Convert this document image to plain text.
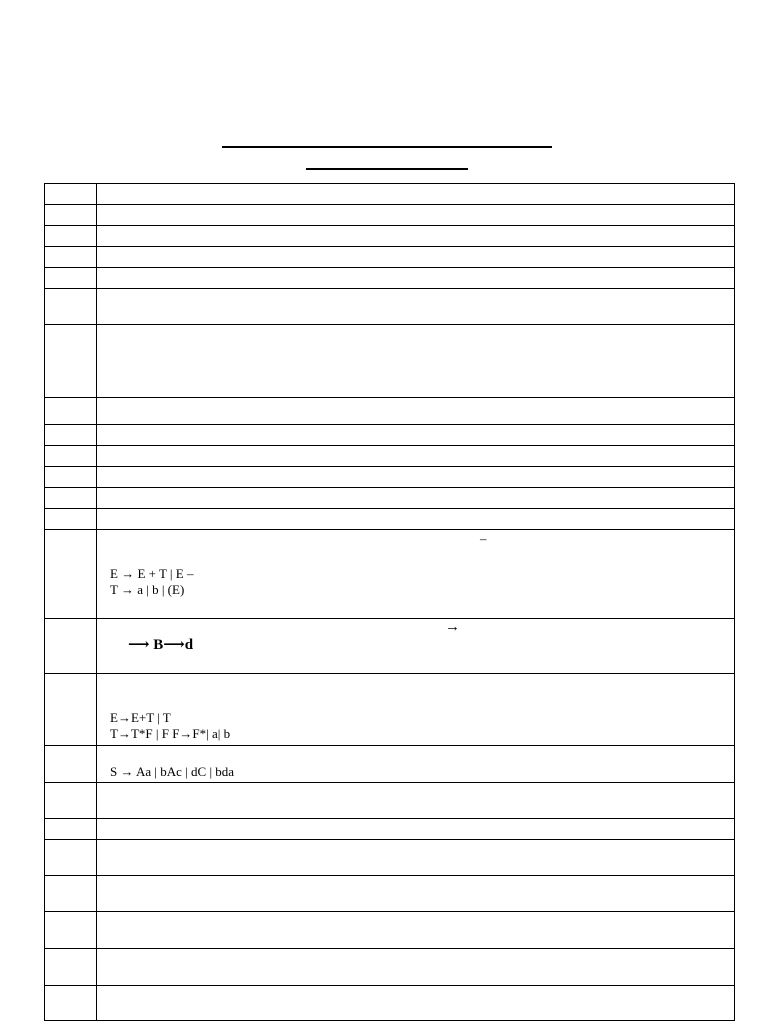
	–
E → E + T | E –
T → a | b | (E)

	→
⟶ B⟶d

	E→E+T | T
T→T*F | F F→F*| a| b

	S → Aa | bAc | dC | bda
